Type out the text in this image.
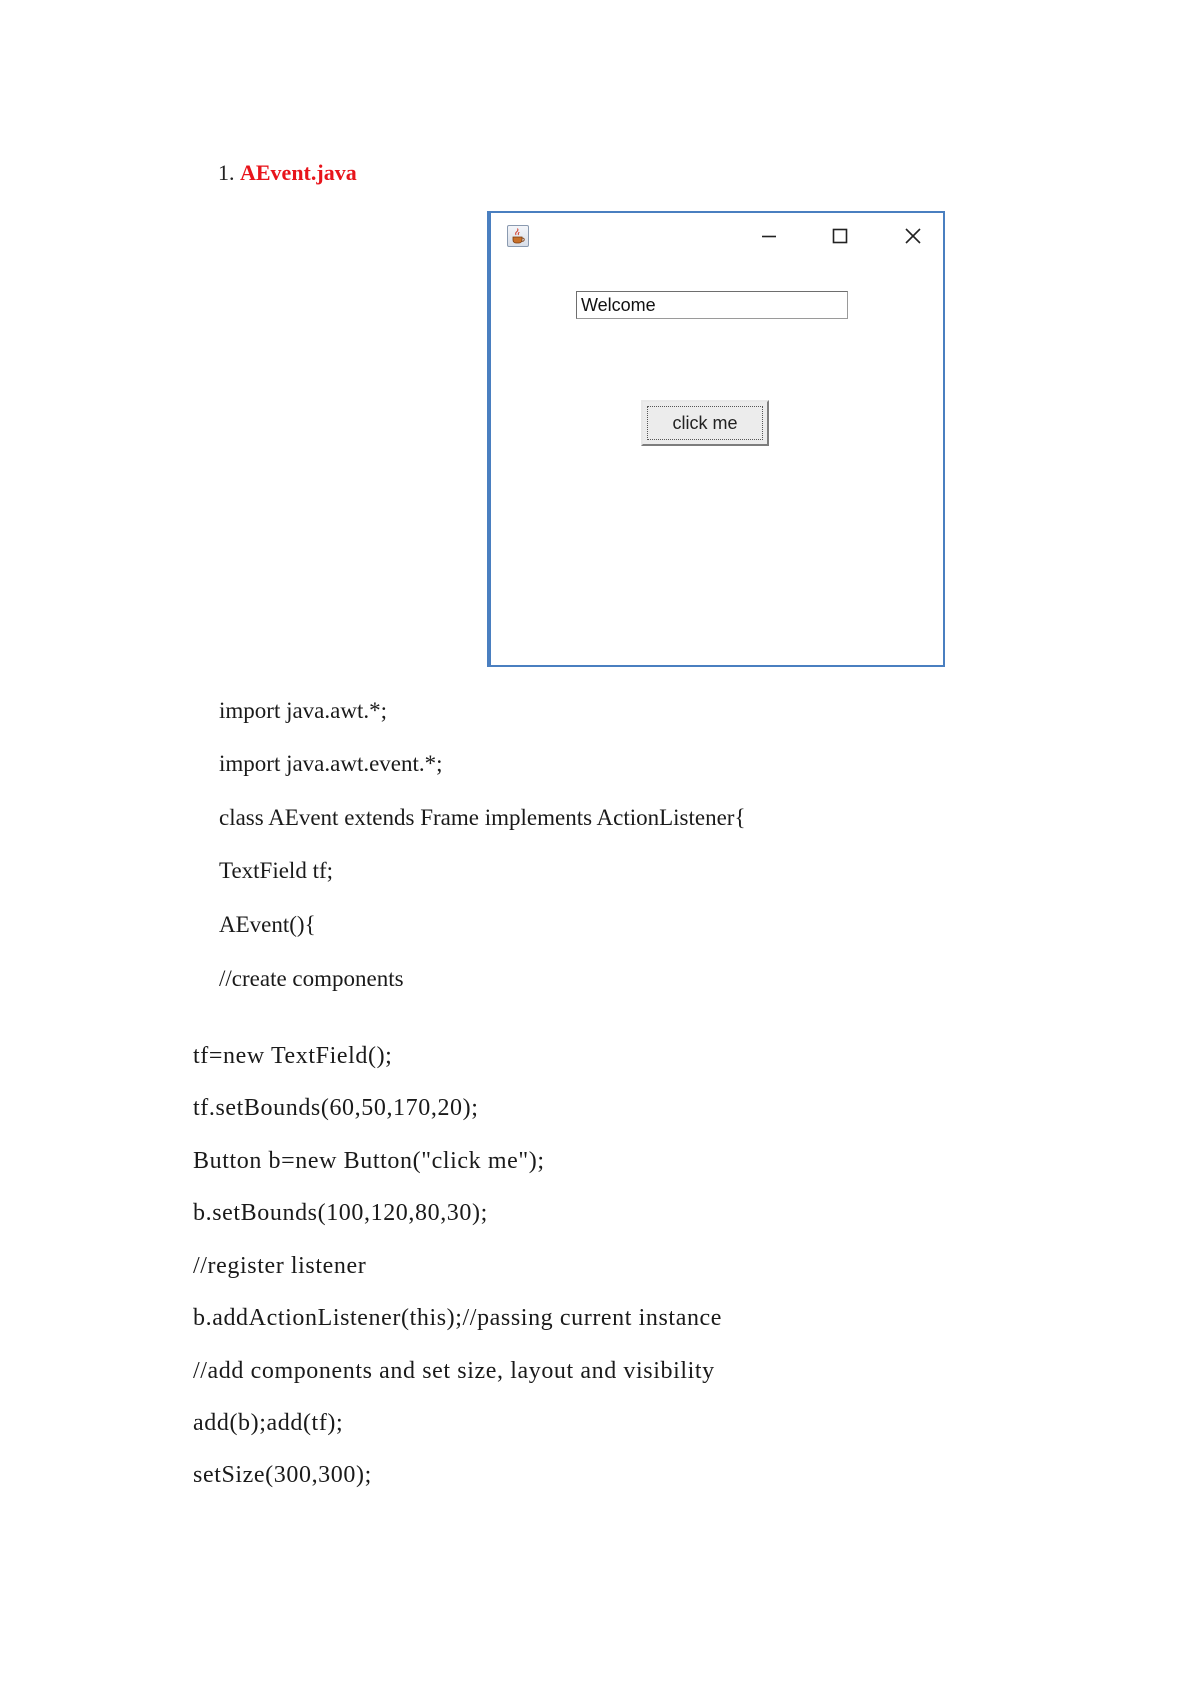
1. AEvent.java
Welcome
click me
import java.awt.*;
import java.awt.event.*;
class AEvent extends Frame implements ActionListener{
TextField tf;
AEvent(){
//create components
tf=new TextField();
tf.setBounds(60,50,170,20);
Button b=new Button("click me");
b.setBounds(100,120,80,30);
//register listener
b.addActionListener(this);//passing current instance
//add components and set size, layout and visibility
add(b);add(tf);
setSize(300,300);
